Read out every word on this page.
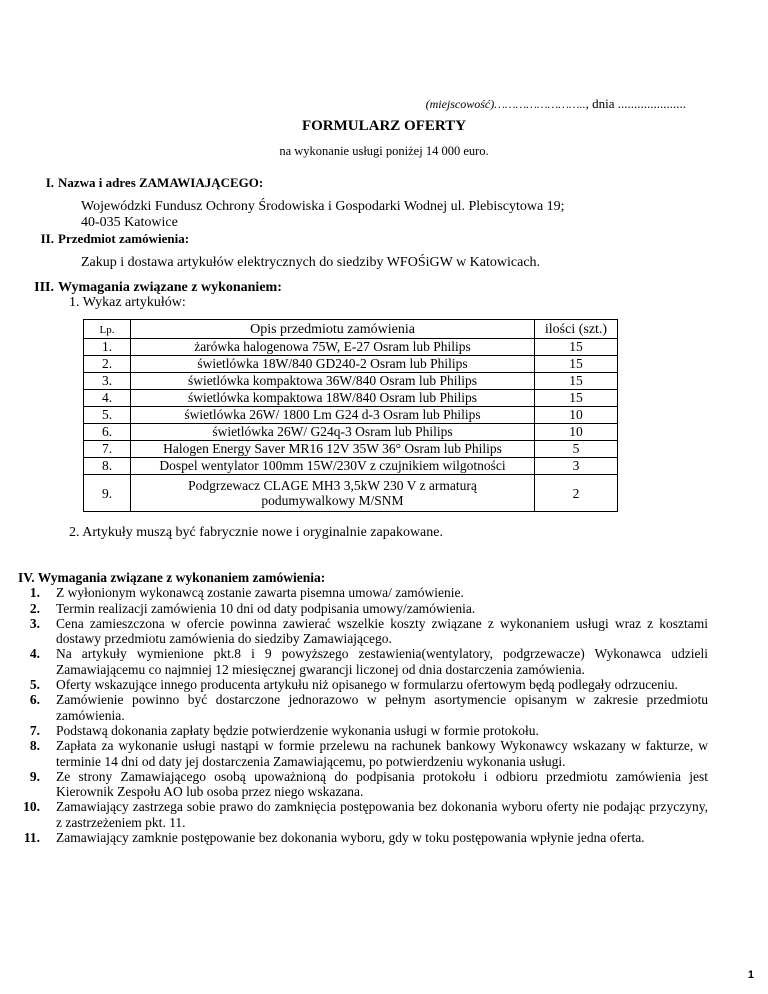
(miejscowość)…………………….., dnia .....................
FORMULARZ OFERTY
na wykonanie usługi poniżej 14 000 euro.
I. Nazwa i adres ZAMAWIAJĄCEGO:
Wojewódzki Fundusz Ochrony Środowiska i Gospodarki Wodnej ul. Plebiscytowa 19;
40-035 Katowice
II. Przedmiot zamówienia:
Zakup i dostawa artykułów elektrycznych do siedziby WFOŚiGW w Katowicach.
III. Wymagania związane z wykonaniem:
1. Wykaz artykułów:
Lp.	Opis przedmiotu zamówienia	ilości (szt.)
1.	żarówka halogenowa 75W, E-27 Osram lub Philips	15
2.	świetlówka 18W/840 GD240-2 Osram lub Philips	15
3.	świetlówka kompaktowa 36W/840 Osram lub Philips	15
4.	świetlówka kompaktowa 18W/840 Osram lub Philips	15
5.	świetlówka 26W/ 1800 Lm G24 d-3 Osram lub Philips	10
6.	świetlówka 26W/ G24q-3 Osram lub Philips	10
7.	Halogen Energy Saver MR16 12V 35W 36° Osram lub Philips	5
8.	Dospel wentylator 100mm 15W/230V z czujnikiem wilgotności	3
9.	Podgrzewacz CLAGE MH3 3,5kW 230 V z armaturą
podumywalkowy M/SNM	2
2. Artykuły muszą być fabrycznie nowe i oryginalnie zapakowane.
IV. Wymagania związane z wykonaniem zamówienia:
1. Z wyłonionym wykonawcą zostanie zawarta pisemna umowa/ zamówienie.
2. Termin realizacji zamówienia 10 dni od daty podpisania umowy/zamówienia.
3. Cena zamieszczona w ofercie powinna zawierać wszelkie koszty związane z wykonaniem usługi wraz z kosztami dostawy przedmiotu zamówienia do siedziby Zamawiającego.
4. Na artykuły wymienione pkt.8 i 9 powyższego zestawienia(wentylatory, podgrzewacze) Wykonawca udzieli Zamawiającemu co najmniej 12 miesięcznej gwarancji liczonej od dnia dostarczenia zamówienia.
5. Oferty wskazujące innego producenta artykułu niż opisanego w formularzu ofertowym będą podlegały odrzuceniu.
6. Zamówienie powinno być dostarczone jednorazowo w pełnym asortymencie opisanym w zakresie przedmiotu zamówienia.
7. Podstawą dokonania zapłaty będzie potwierdzenie wykonania usługi w formie protokołu.
8. Zapłata za wykonanie usługi nastąpi w formie przelewu na rachunek bankowy Wykonawcy wskazany w fakturze, w terminie 14 dni od daty jej dostarczenia Zamawiającemu, po potwierdzeniu wykonania usługi.
9. Ze strony Zamawiającego osobą upoważnioną do podpisania protokołu i odbioru przedmiotu zamówienia jest Kierownik Zespołu AO lub osoba przez niego wskazana.
10. Zamawiający zastrzega sobie prawo do zamknięcia postępowania bez dokonania wyboru oferty nie podając przyczyny, z zastrzeżeniem pkt. 11.
11. Zamawiający zamknie postępowanie bez dokonania wyboru, gdy w toku postępowania wpłynie jedna oferta.
1
